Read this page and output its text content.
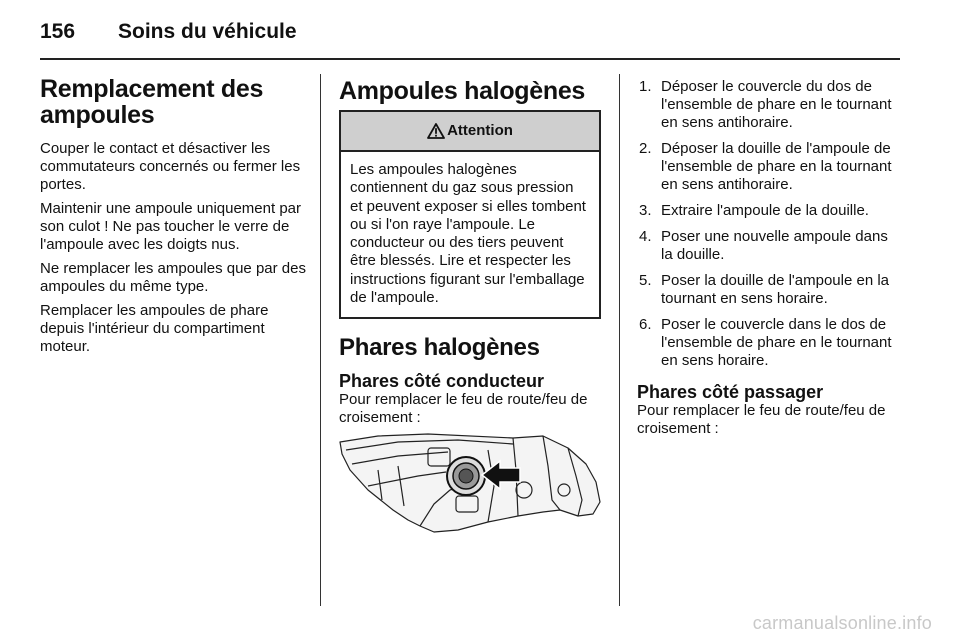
156 Soins du véhicule
Remplacement des ampoules

Couper le contact et désactiver les commutateurs concernés ou fermer les portes.

Maintenir une ampoule uniquement par son culot ! Ne pas toucher le verre de l'ampoule avec les doigts nus.

Ne remplacer les ampoules que par des ampoules du même type.

Remplacer les ampoules de phare depuis l'intérieur du compartiment moteur.

Ampoules halogènes
Attention
Les ampoules halogènes contiennent du gaz sous pression et peuvent exposer si elles tombent ou si l'on raye l'ampoule. Le conducteur ou des tiers peuvent être blessés. Lire et respecter les instructions figurant sur l'emballage de l'ampoule.
Phares halogènes
Phares côté conducteur

Pour remplacer le feu de route/feu de croisement :

1. Déposer le couvercle du dos de l'ensemble de phare en le tournant en sens antihoraire.
2. Déposer la douille de l'ampoule de l'ensemble de phare en la tournant en sens antihoraire.
3. Extraire l'ampoule de la douille.
4. Poser une nouvelle ampoule dans la douille.
5. Poser la douille de l'ampoule en la tournant en sens horaire.
6. Poser le couvercle dans le dos de l'ensemble de phare en le tournant en sens horaire.
Phares côté passager

Pour remplacer le feu de route/feu de croisement :

carmanualsonline.info
